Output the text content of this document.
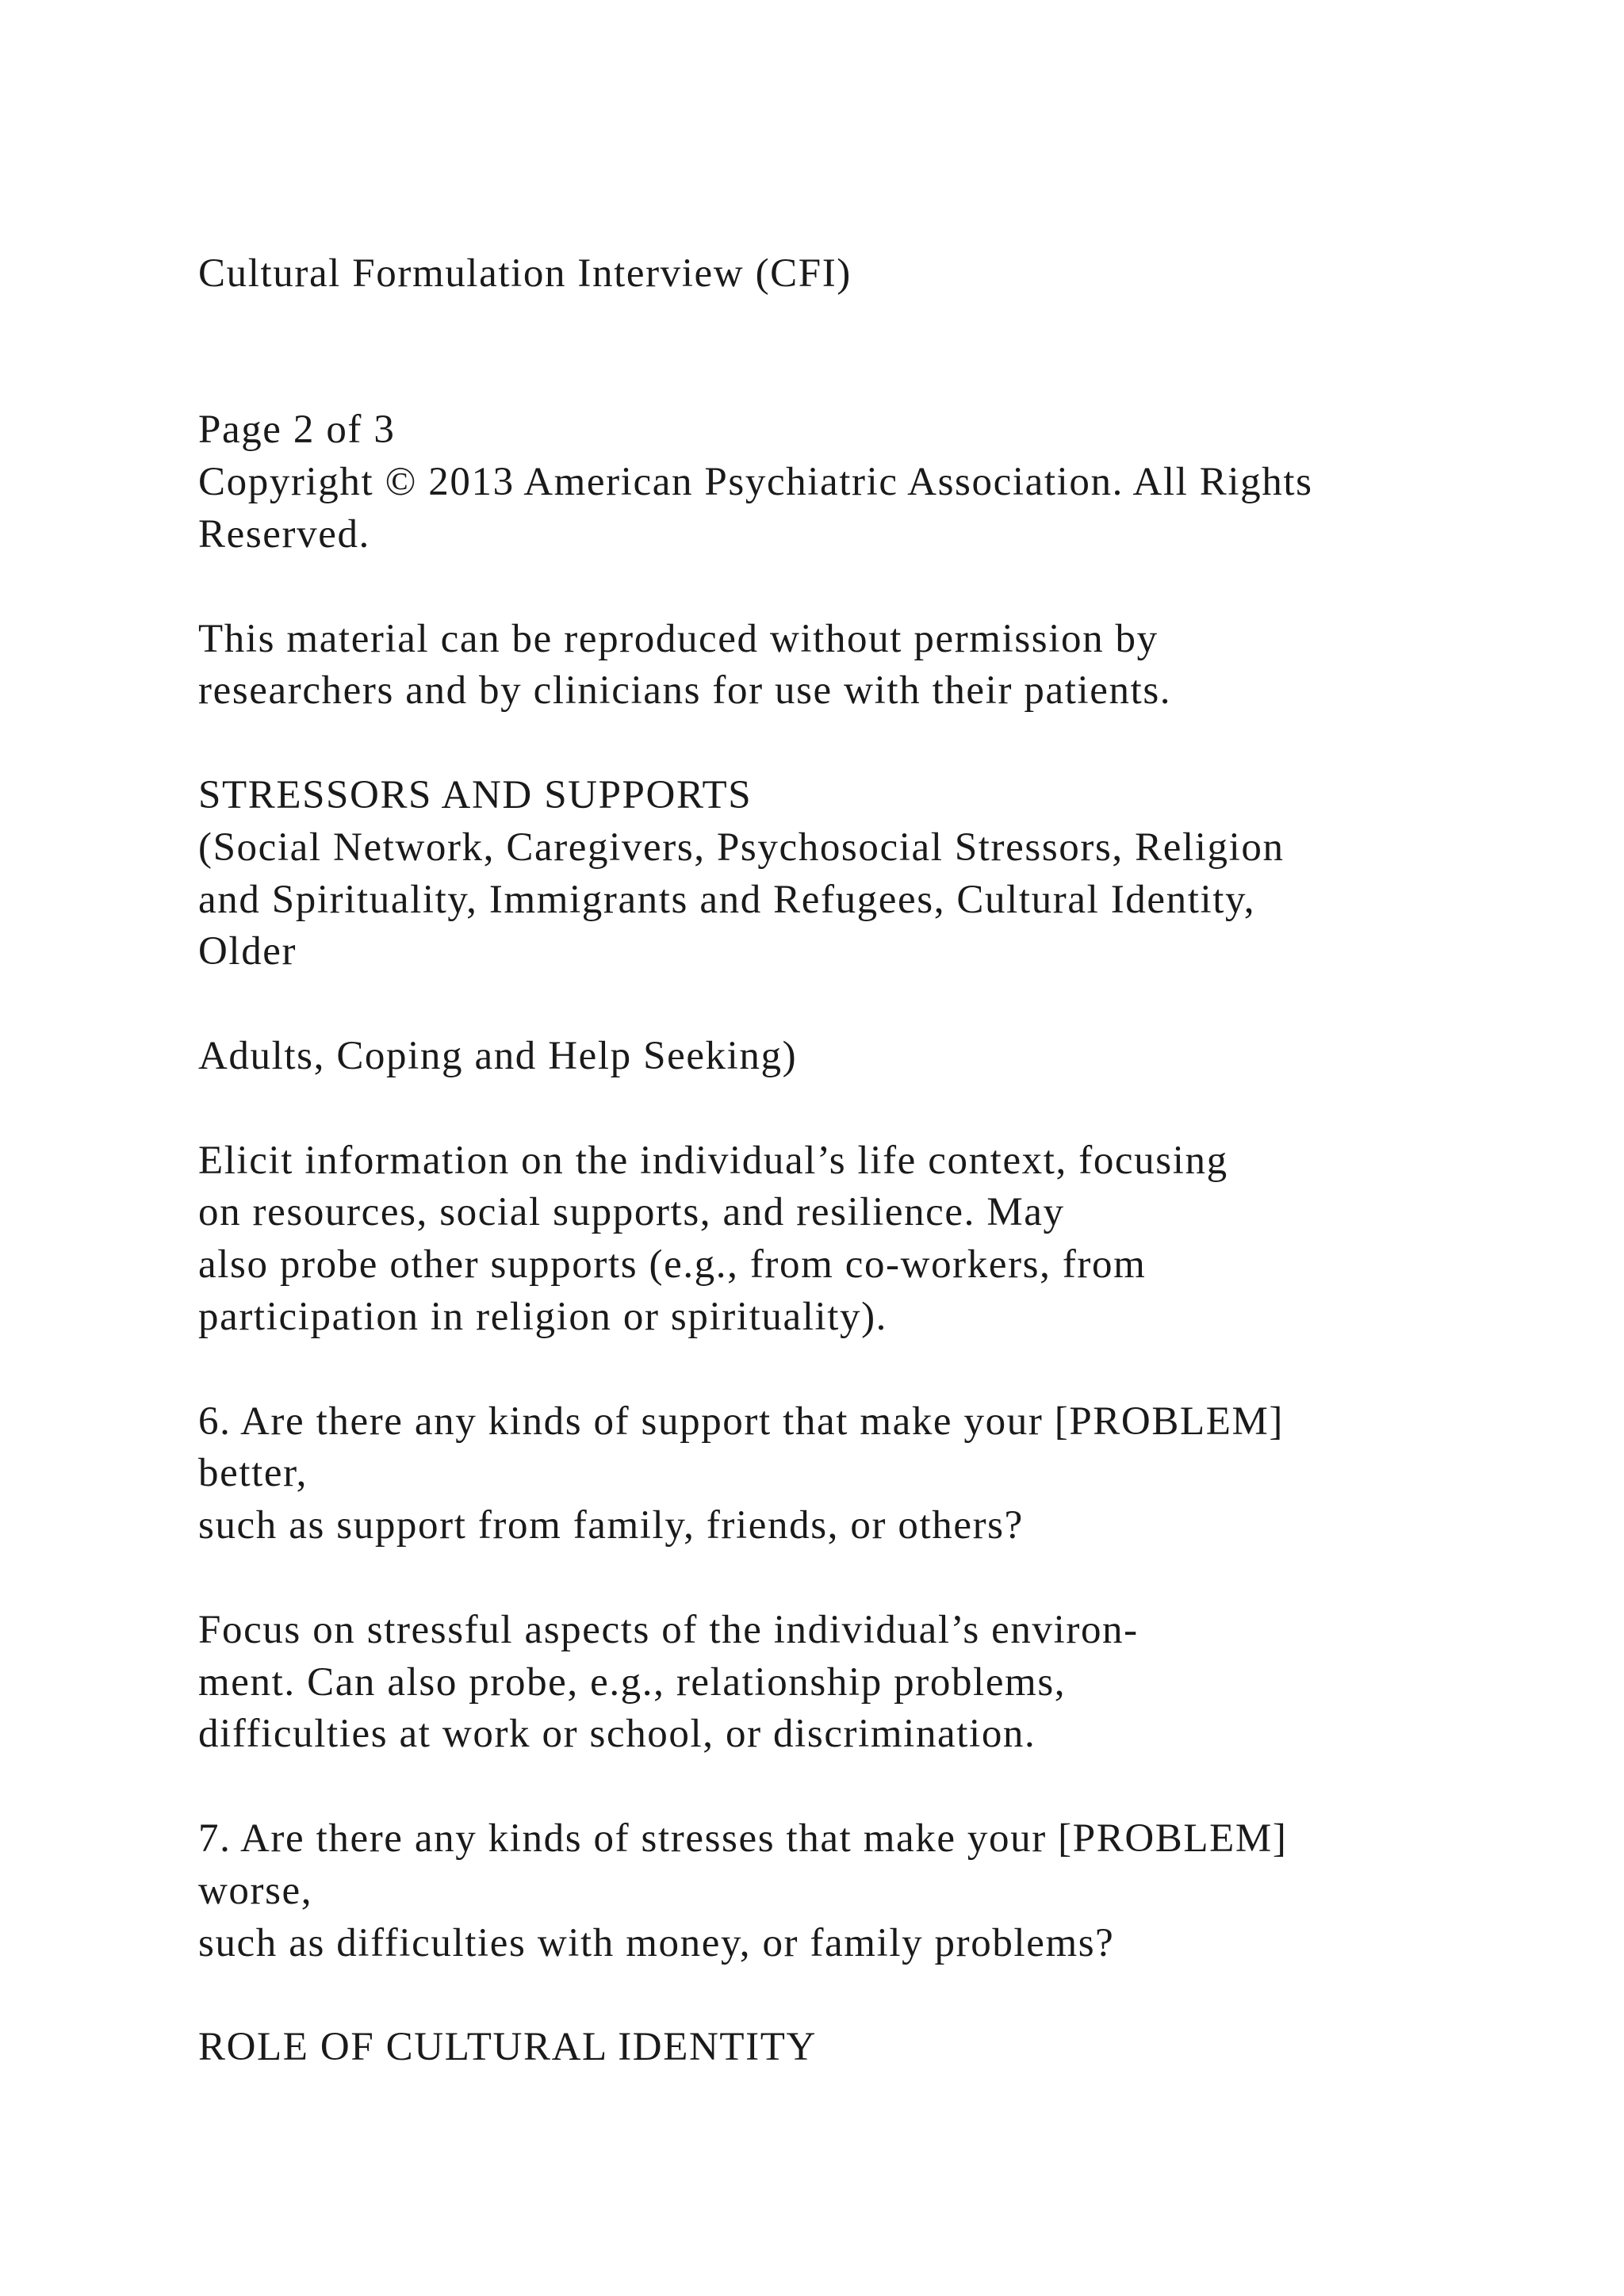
Cultural Formulation Interview (CFI)
Page 2 of 3
Copyright © 2013 American Psychiatric Association. All Rights
Reserved.
This material can be reproduced without permission by
researchers and by clinicians for use with their patients.
STRESSORS AND SUPPORTS
(Social Network, Caregivers, Psychosocial Stressors, Religion
and Spirituality, Immigrants and Refugees, Cultural Identity,
Older
Adults, Coping and Help Seeking)
Elicit information on the individual’s life context, focusing
on resources, social supports, and resilience. May
also probe other supports (e.g., from co-workers, from
participation in religion or spirituality).
6. Are there any kinds of support that make your [PROBLEM]
better,
such as support from family, friends, or others?
Focus on stressful aspects of the individual’s environ-
ment. Can also probe, e.g., relationship problems,
difficulties at work or school, or discrimination.
7. Are there any kinds of stresses that make your [PROBLEM]
worse,
such as difficulties with money, or family problems?
ROLE OF CULTURAL IDENTITY
